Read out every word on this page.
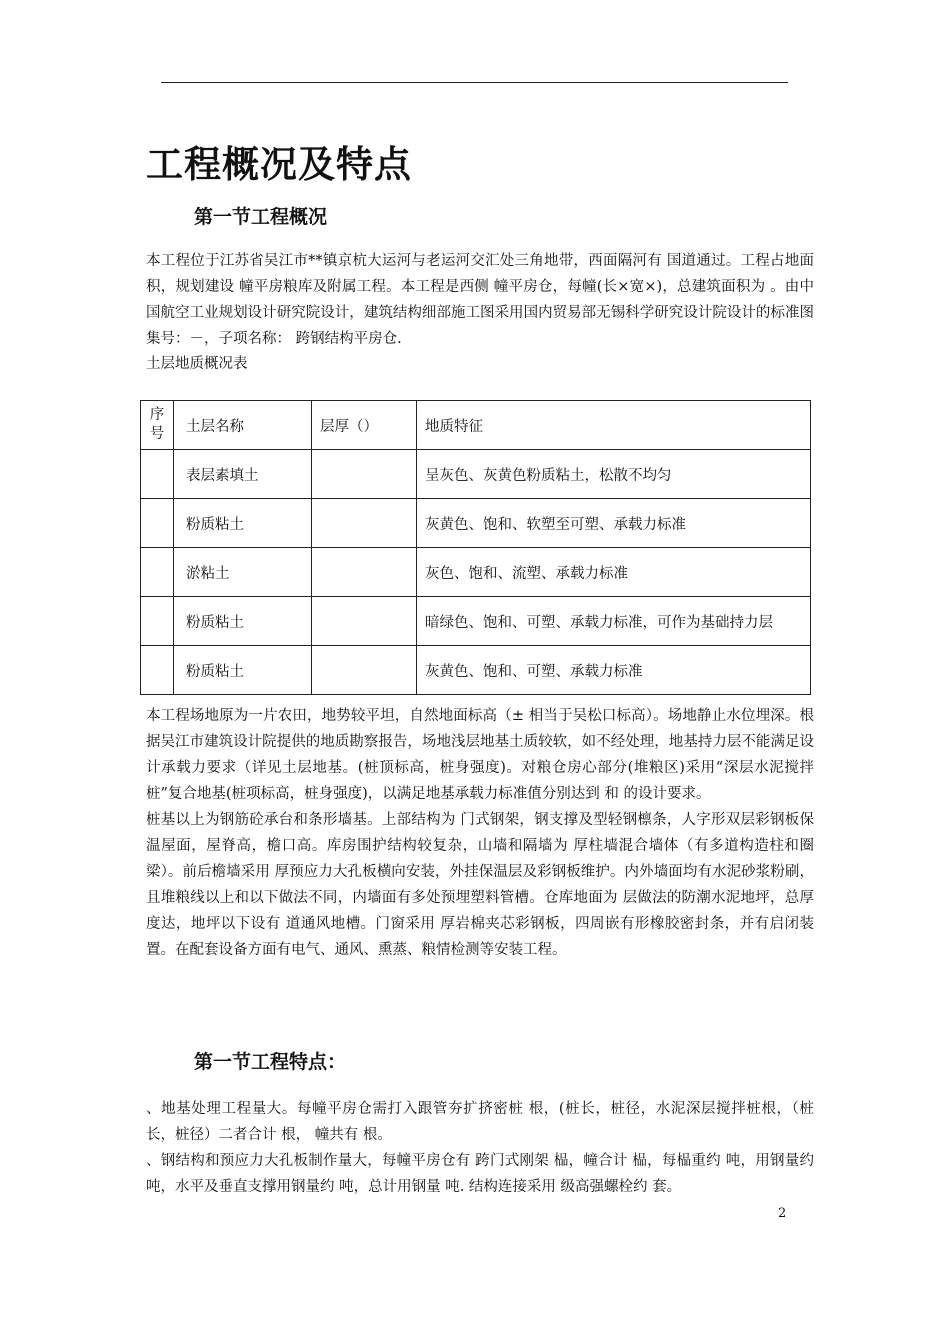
工程概况及特点
第一节工程概况

本工程位于江苏省吴江市**镇京杭大运河与老运河交汇处三角地带，西面隔河有 国道通过。工程占地面积，规划建设 幢平房粮库及附属工程。本工程是西侧 幢平房仓，每幢(长×宽×)，总建筑面积为 。由中国航空工业规划设计研究院设计，建筑结构细部施工图采用国内贸易部无锡科学研究设计院设计的标准图集号：－，子项名称： 跨钢结构平房仓.

土层地质概况表
序号	土层名称	层厚（）	地质特征
	表层素填土		呈灰色、灰黄色粉质粘土，松散不均匀
	粉质粘土		灰黄色、饱和、软塑至可塑、承载力标准
	淤粘土		灰色、饱和、流塑、承载力标准
	粉质粘土		暗绿色、饱和、可塑、承载力标准，可作为基础持力层
	粉质粘土		灰黄色、饱和、可塑、承载力标准

本工程场地原为一片农田，地势较平坦，自然地面标高（± 相当于吴松口标高）。场地静止水位埋深。根据吴江市建筑设计院提供的地质勘察报告，场地浅层地基土质较软，如不经处理，地基持力层不能满足设计承载力要求（详见土层地基。(桩顶标高，桩身强度)。对粮仓房心部分(堆粮区)采用“深层水泥搅拌桩”复合地基(桩项标高，桩身强度)，以满足地基承载力标准值分别达到 和 的设计要求。

桩基以上为钢筋砼承台和条形墙基。上部结构为 门式钢架，钢支撑及型轻钢檩条，人字形双层彩钢板保温屋面，屋脊高，檐口高。库房围护结构较复杂，山墙和隔墙为 厚柱墙混合墙体（有多道构造柱和圈梁）。前后檐墙采用 厚预应力大孔板横向安装，外挂保温层及彩钢板维护。内外墙面均有水泥砂浆粉刷，且堆粮线以上和以下做法不同，内墙面有多处预埋塑料管槽。仓库地面为 层做法的防潮水泥地坪，总厚度达，地坪以下设有 道通风地槽。门窗采用 厚岩棉夹芯彩钢板，四周嵌有形橡胶密封条，并有启闭装置。在配套设备方面有电气、通风、熏蒸、粮情检测等安装工程。

第一节工程特点：

、地基处理工程量大。每幢平房仓需打入跟管夯扩挤密桩 根，(桩长，桩径，水泥深层搅拌桩根，（桩长，桩径）二者合计 根， 幢共有 根。

、钢结构和预应力大孔板制作量大，每幢平房仓有 跨门式刚架 榀，幢合计 榀，每榀重约 吨，用钢量约 吨，水平及垂直支撑用钢量约 吨，总计用钢量 吨. 结构连接采用 级高强螺栓约 套。

2
